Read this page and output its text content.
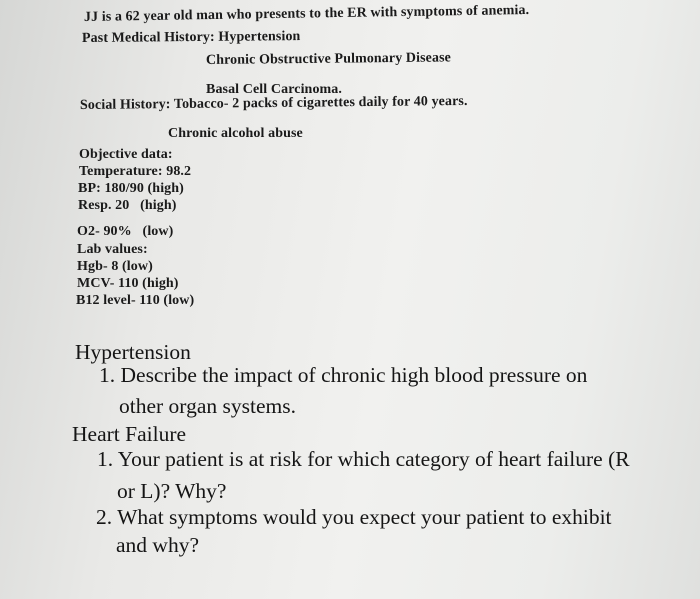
JJ is a 62 year old man who presents to the ER with symptoms of anemia.
Past Medical History: Hypertension
Chronic Obstructive Pulmonary Disease
Basal Cell Carcinoma.
Social History: Tobacco- 2 packs of cigarettes daily for 40 years.
Chronic alcohol abuse
Objective data:
Temperature: 98.2
BP: 180/90 (high)
Resp. 20   (high)
O2- 90%   (low)
Lab values:
Hgb- 8 (low)
MCV- 110 (high)
B12 level- 110 (low)
Hypertension
1. Describe the impact of chronic high blood pressure on
other organ systems.
Heart Failure
1. Your patient is at risk for which category of heart failure (R
or L)? Why?
2. What symptoms would you expect your patient to exhibit
and why?
